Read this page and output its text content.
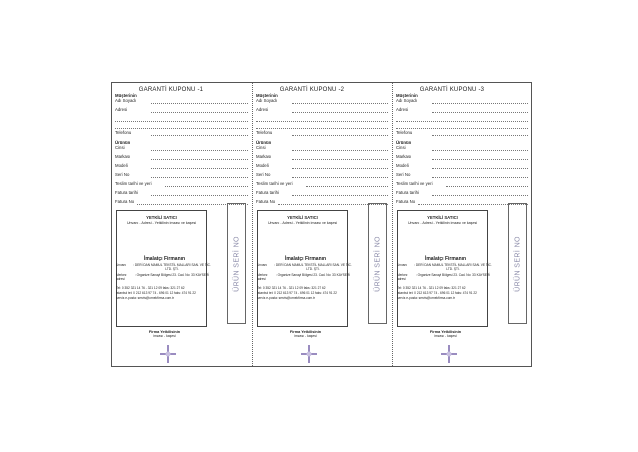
GARANTİ KUPONU -1
Müşterinin
Adı Soyadı
Adresi
Telefonu
Ürünün
Cinsi
Markası
Modeli
Seri No
Teslim tarihi ve yeri
Fatura tarihi
Fatura No
YETKİLİ SATICI
Unvanı - Adresi - Yetkilinin imzası ve kaşesi
ÜRÜN SERİ NO
İmalatçı Firmanın
Unvanı : DERİ DAN MAMUL TEKSTİL MALLARI SAN. VE TİC. LTD. ŞTİ.
Merkez adresi: Organize Sanayi Bölgesi 23. Cad. No: 33 KAYSERİ
Tel: 0 352 321 14 76 - 321 12 09 faks: 321 27 62
İstanbul tel: 0 212 613 97 74 - 696 01 12 faks: 474 91 22
servis e-posta: servis@ornekfirma.com.tr
Firma Yetkilisinin
imzası - kaşesi
GARANTİ KUPONU -2
Müşterinin
Adı Soyadı
Adresi
Telefonu
Ürünün
Cinsi
Markası
Modeli
Seri No
Teslim tarihi ve yeri
Fatura tarihi
Fatura No
YETKİLİ SATICI
Unvanı - Adresi - Yetkilinin imzası ve kaşesi
ÜRÜN SERİ NO
İmalatçı Firmanın
Unvanı : DERİ DAN MAMUL TEKSTİL MALLARI SAN. VE TİC. LTD. ŞTİ.
Merkez adresi: Organize Sanayi Bölgesi 23. Cad. No: 33 KAYSERİ
Tel: 0 352 321 14 76 - 321 12 09 faks: 321 27 62
İstanbul tel: 0 212 613 97 74 - 696 01 12 faks: 474 91 22
servis e-posta: servis@ornekfirma.com.tr
Firma Yetkilisinin
imzası - kaşesi
GARANTİ KUPONU -3
Müşterinin
Adı Soyadı
Adresi
Telefonu
Ürünün
Cinsi
Markası
Modeli
Seri No
Teslim tarihi ve yeri
Fatura tarihi
Fatura No
YETKİLİ SATICI
Unvanı - Adresi - Yetkilinin imzası ve kaşesi
ÜRÜN SERİ NO
İmalatçı Firmanın
Unvanı : DERİ DAN MAMUL TEKSTİL MALLARI SAN. VE TİC. LTD. ŞTİ.
Merkez adresi: Organize Sanayi Bölgesi 23. Cad. No: 33 KAYSERİ
Tel: 0 352 321 14 76 - 321 12 09 faks: 321 27 62
İstanbul tel: 0 212 613 97 74 - 696 01 12 faks: 474 91 22
servis e-posta: servis@ornekfirma.com.tr
Firma Yetkilisinin
imzası - kaşesi
